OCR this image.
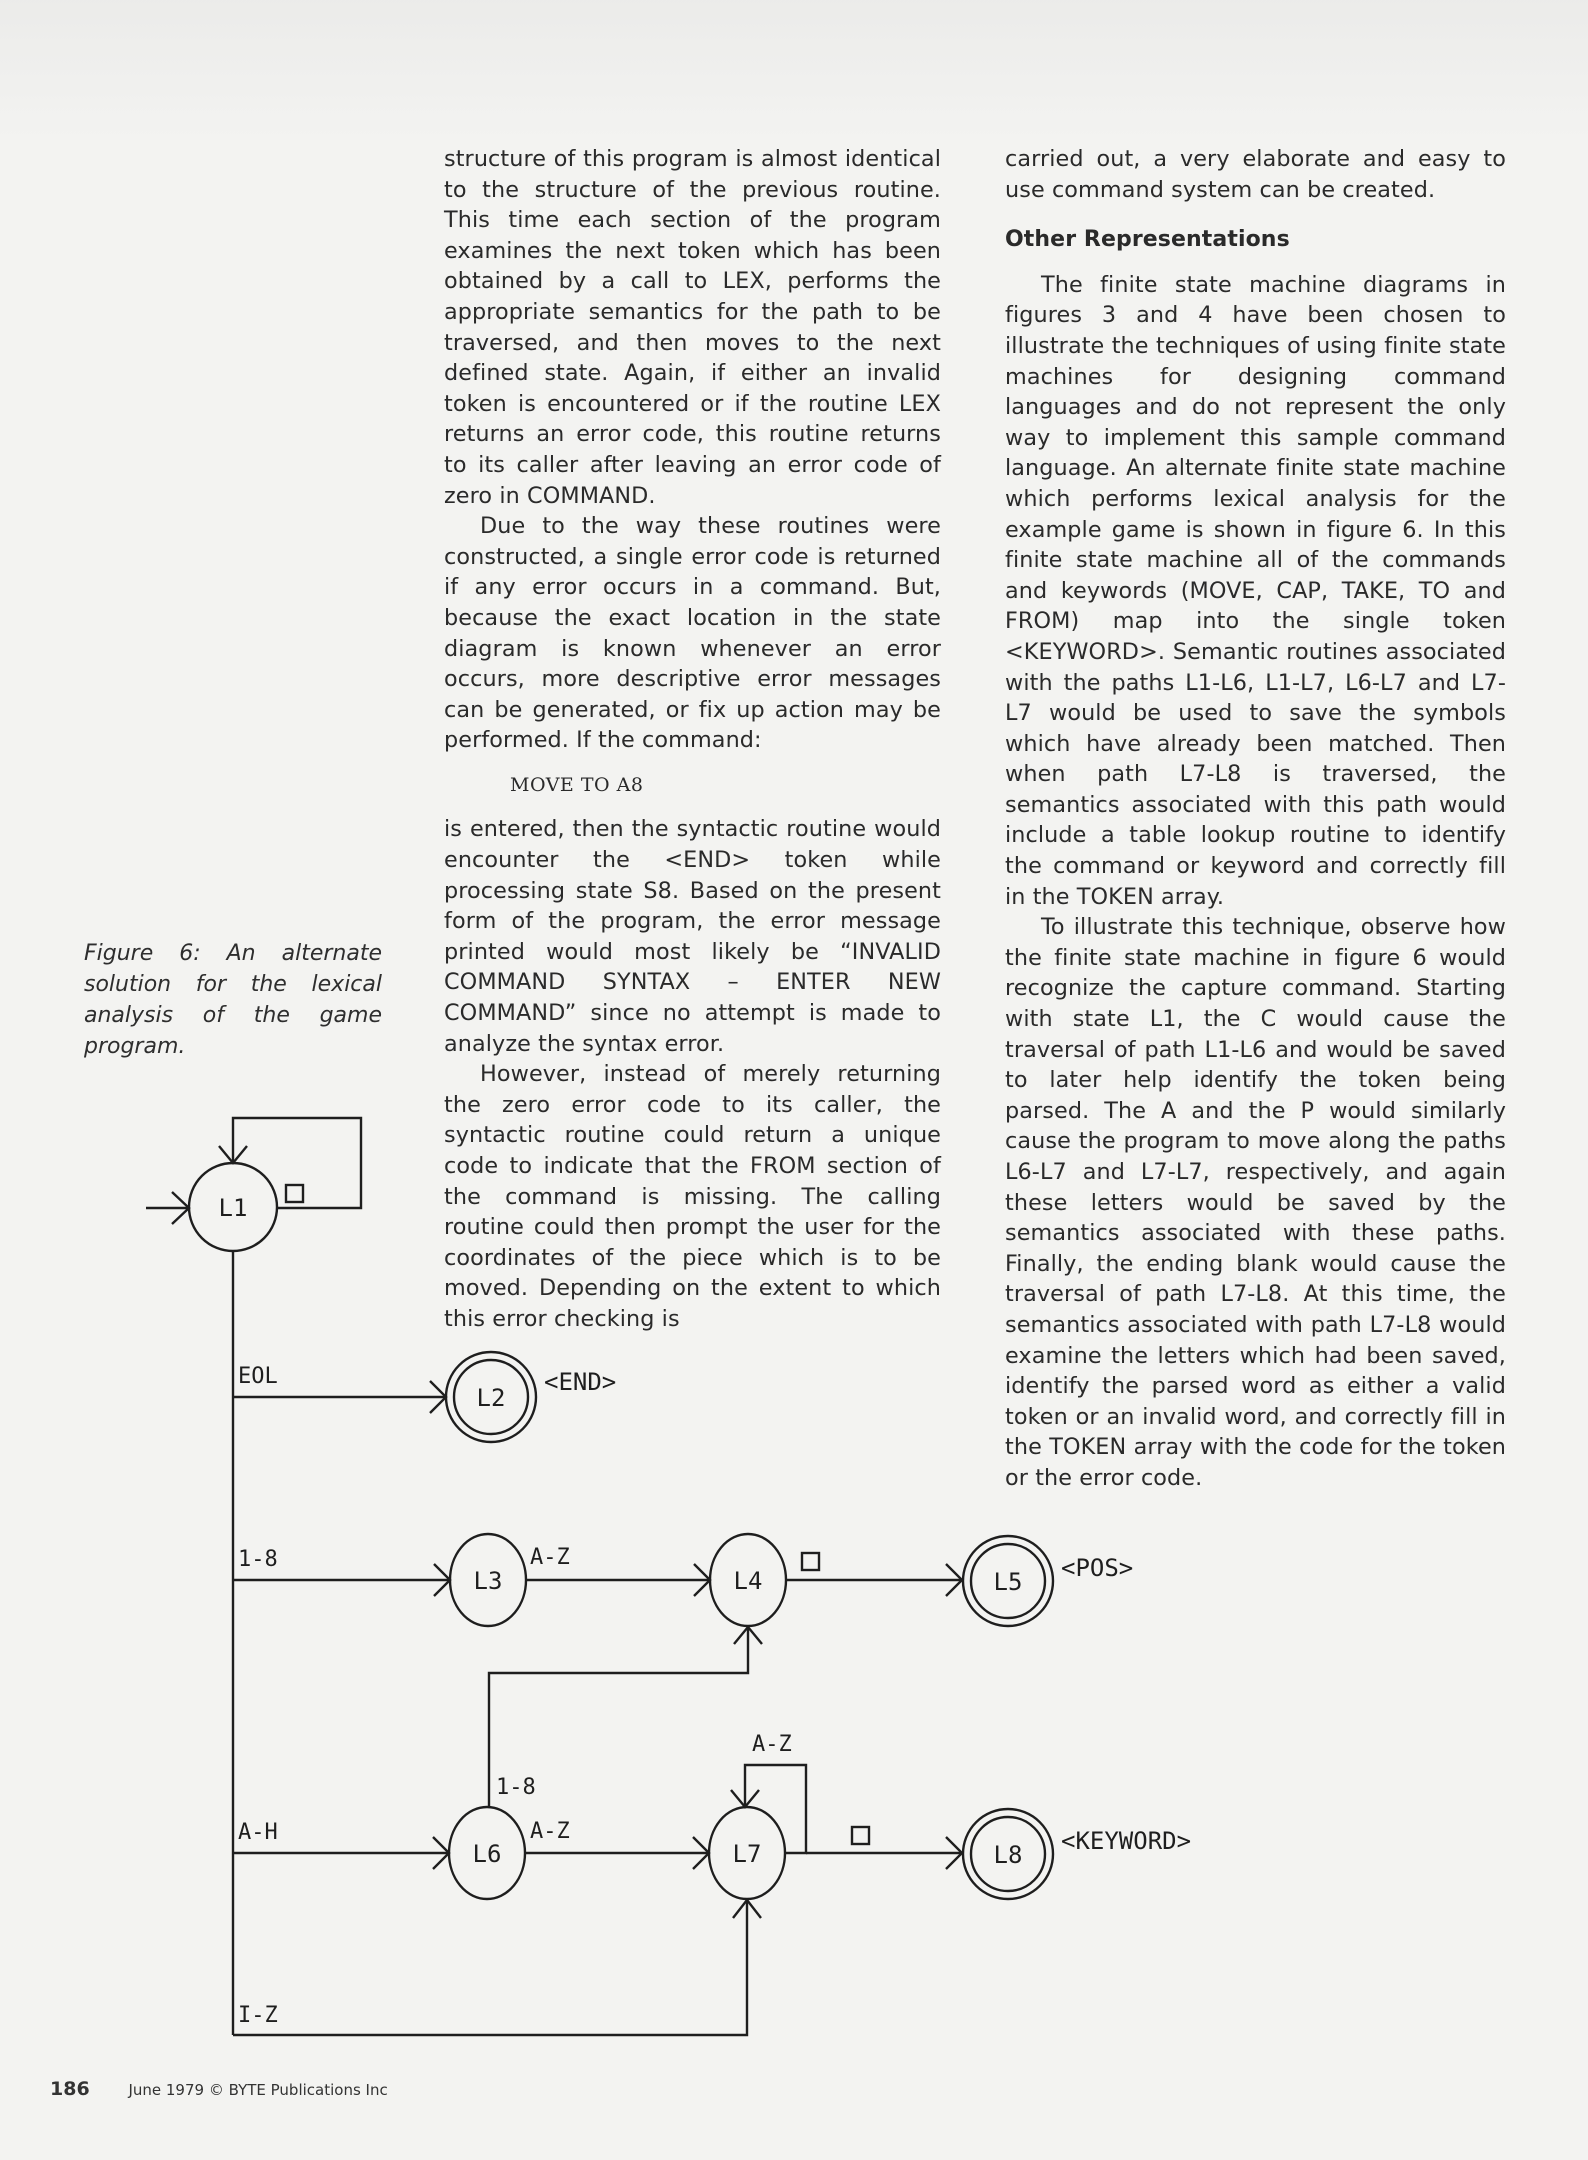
structure of this program is almost identical to the structure of the previous routine. This time each section of the program examines the next token which has been obtained by a call to LEX, performs the appropriate semantics for the path to be traversed, and then moves to the next defined state. Again, if either an invalid token is encountered or if the routine LEX returns an error code, this routine returns to its caller after leaving an error code of zero in COMMAND.

Due to the way these routines were constructed, a single error code is returned if any error occurs in a command. But, because the exact location in the state diagram is known whenever an error occurs, more descriptive error messages can be generated, or fix up action may be performed. If the command:

MOVE TO A8

is entered, then the syntactic routine would encounter the <END> token while processing state S8. Based on the present form of the program, the error message printed would most likely be “INVALID COMMAND SYNTAX – ENTER NEW COMMAND” since no attempt is made to analyze the syntax error.

However, instead of merely returning the zero error code to its caller, the syntactic routine could return a unique code to indicate that the FROM section of the command is missing. The calling routine could then prompt the user for the coordinates of the piece which is to be moved. Depending on the extent to which this error checking is

carried out, a very elaborate and easy to use command system can be created.

Other Representations

The finite state machine diagrams in figures 3 and 4 have been chosen to illustrate the techniques of using finite state machines for designing command languages and do not represent the only way to implement this sample command language. An alternate finite state machine which performs lexical analysis for the example game is shown in figure 6. In this finite state machine all of the commands and keywords (MOVE, CAP, TAKE, TO and FROM) map into the single token <KEYWORD>. Semantic routines associated with the paths L1-L6, L1-L7, L6-L7 and L7-L7 would be used to save the symbols which have already been matched. Then when path L7-L8 is traversed, the semantics associated with this path would include a table lookup routine to identify the command or keyword and correctly fill in the TOKEN array.

To illustrate this technique, observe how the finite state machine in figure 6 would recognize the capture command. Starting with state L1, the C would cause the traversal of path L1-L6 and would be saved to later help identify the token being parsed. The A and the P would similarly cause the program to move along the paths L6-L7 and L7-L7, respectively, and again these letters would be saved by the semantics associated with these paths. Finally, the ending blank would cause the traversal of path L7-L8. At this time, the semantics associated with path L7-L8 would examine the letters which had been saved, identify the parsed word as either a valid token or an invalid word, and correctly fill in the TOKEN array with the code for the token or the error code.

Figure 6: An alternate solution for the lexical analysis of the game program.
L1
EOL
L2
<END>
1-8
L3
A-Z
L4	L5 <POS>
1-8
A-H
L6
A-Z
L7
A-Z
L8 <KEYWORD>
I-Z
186	June 1979 © BYTE Publications Inc
